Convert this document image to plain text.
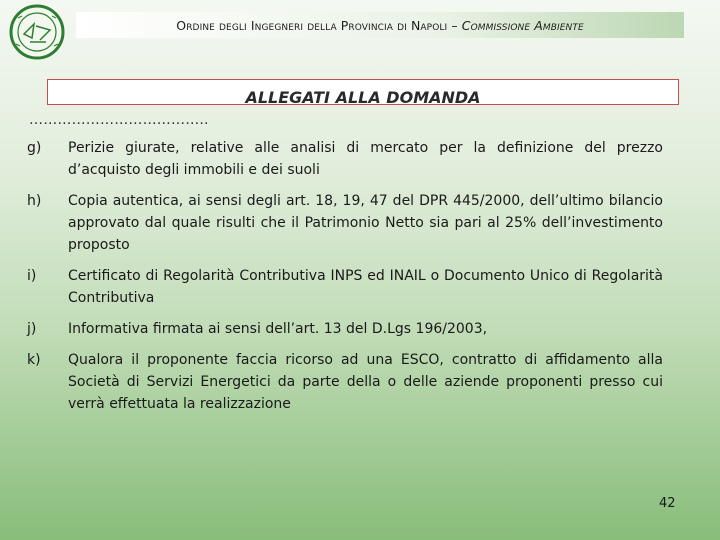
Ordine degli Ingegneri della Provincia di Napoli – Commissione Ambiente
ALLEGATI ALLA DOMANDA
………………………………..
g)	Perizie giurate, relative alle analisi di mercato per la definizione del prezzo d’acquisto degli immobili e dei suoli
h)	Copia autentica, ai sensi degli art. 18, 19, 47 del DPR 445/2000, dell’ultimo bilancio approvato dal quale risulti che il Patrimonio Netto sia pari al 25% dell’investimento proposto
i)	Certificato di Regolarità Contributiva INPS ed INAIL o Documento Unico di Regolarità Contributiva
j)	Informativa firmata ai sensi dell’art. 13 del D.Lgs 196/2003,
k)	Qualora il proponente faccia ricorso ad una ESCO, contratto di affidamento alla Società di Servizi Energetici da parte della o delle aziende proponenti presso cui verrà effettuata la realizzazione
42
